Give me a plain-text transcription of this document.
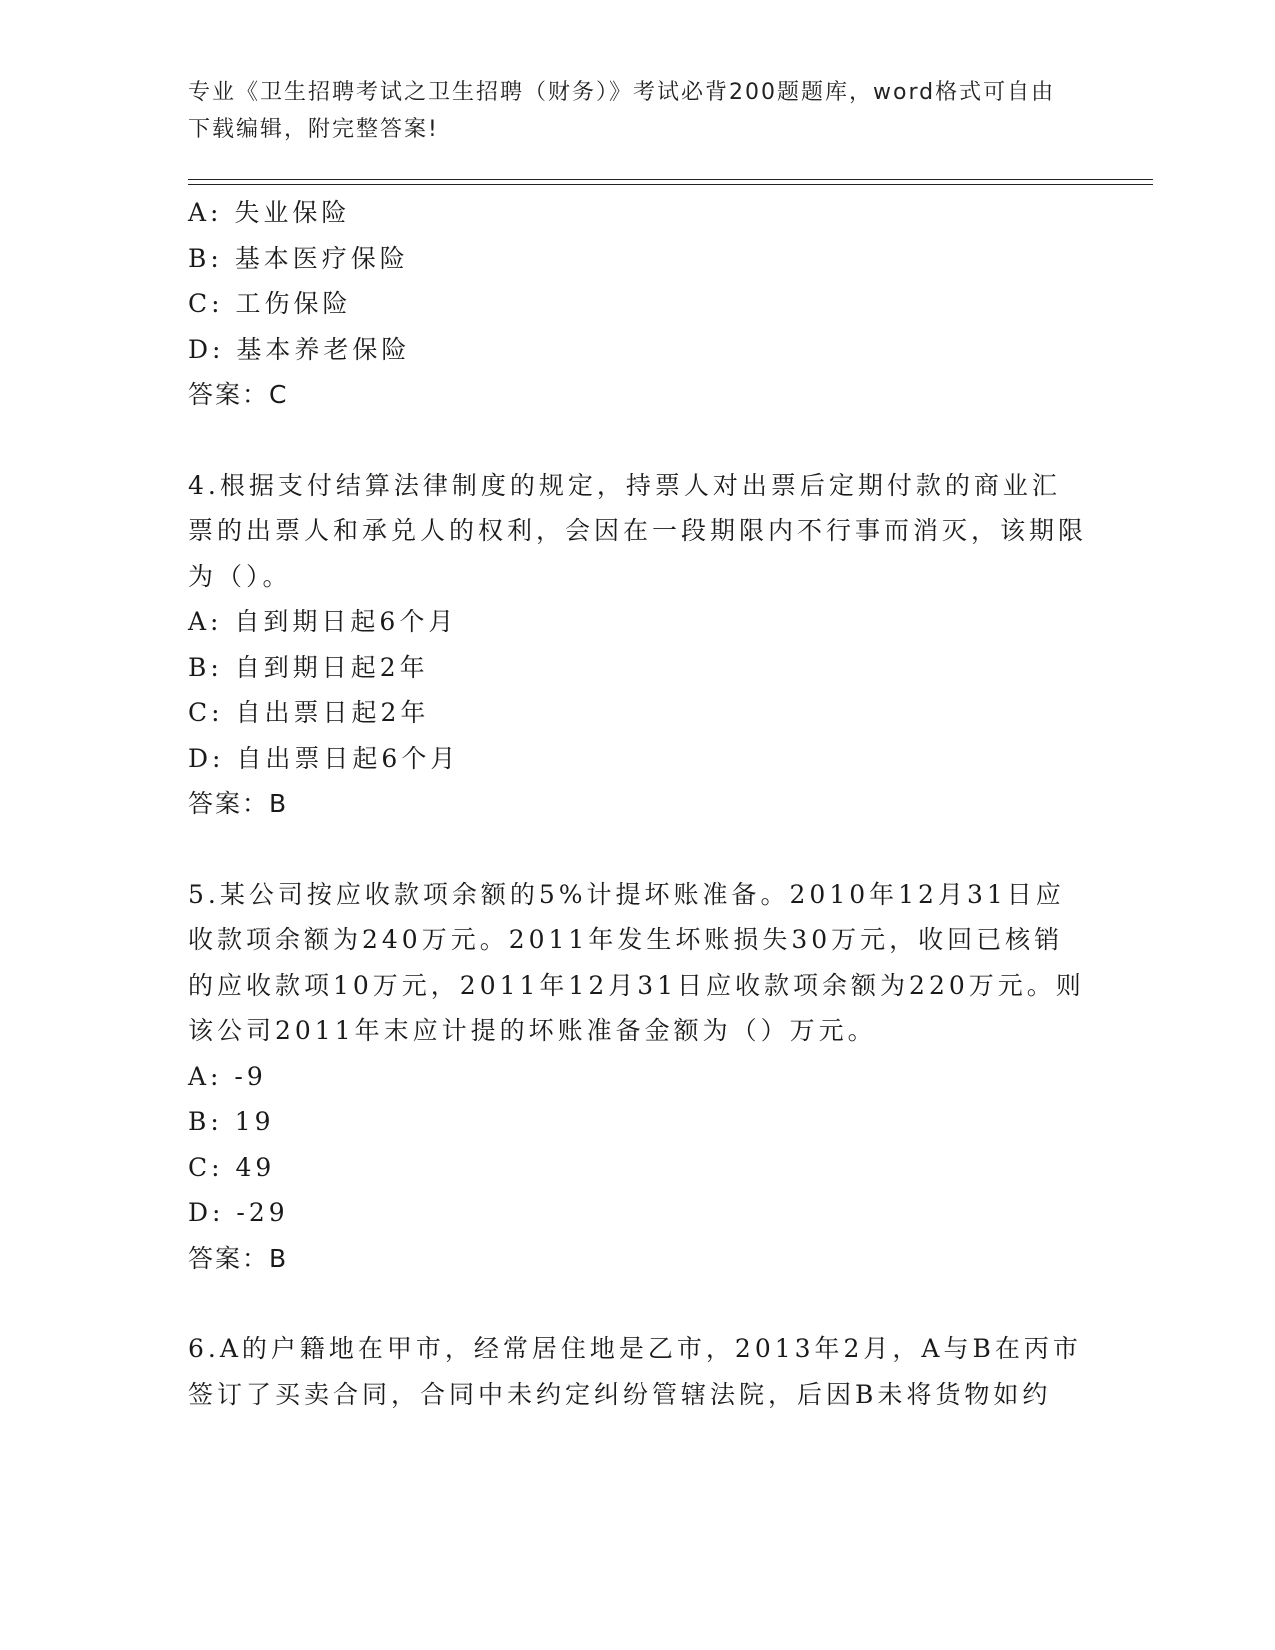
专业《卫生招聘考试之卫生招聘（财务）》考试必背200题题库，word格式可自由下载编辑，附完整答案!
A: 失业保险
B: 基本医疗保险
C: 工伤保险
D: 基本养老保险
答案：C
4.根据支付结算法律制度的规定，持票人对出票后定期付款的商业汇票的出票人和承兑人的权利，会因在一段期限内不行事而消灭，该期限为（）。
A: 自到期日起6个月
B: 自到期日起2年
C: 自出票日起2年
D: 自出票日起6个月
答案：B
5.某公司按应收款项余额的5%计提坏账准备。2010年12月31日应收款项余额为240万元。2011年发生坏账损失30万元，收回已核销的应收款项10万元，2011年12月31日应收款项余额为220万元。则该公司2011年末应计提的坏账准备金额为（）万元。
A: -9
B: 19
C: 49
D: -29
答案：B
6.A的户籍地在甲市，经常居住地是乙市，2013年2月，A与B在丙市签订了买卖合同，合同中未约定纠纷管辖法院，后因B未将货物如约
